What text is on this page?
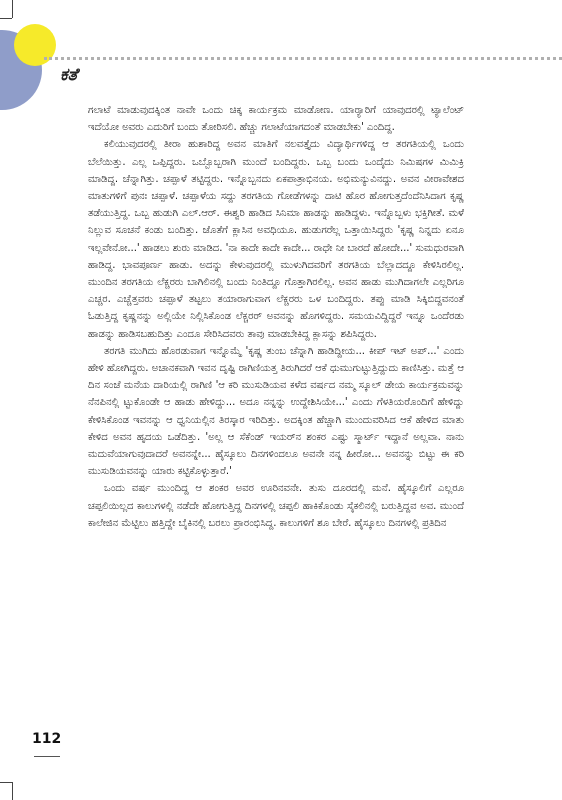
ಕತೆ

ಗಲಾಟೆ ಮಾಡುವುದಕ್ಕಿಂತ ನಾವೇ ಒಂದು ಚಿಕ್ಕ ಕಾರ್ಯಕ್ರಮ ಮಾಡೋಣ. ಯಾರ್‍ಯಾರಿಗೆ ಯಾವುದರಲ್ಲಿ ಟ್ಯಾಲೆಂಟ್ ಇದೆಯೋ ಅವರು ಎದುರಿಗೆ ಬಂದು ತೋರಿಸಲಿ. ಹೆಚ್ಚು ಗಲಾಟೆಯಾಗದಂತೆ ಮಾಡಬೇಕು' ಎಂದಿದ್ದ.

ಕಲಿಯುವುದರಲ್ಲಿ ತೀರಾ ಹುಶಾರಿದ್ದ ಅವನ ಮಾತಿಗೆ ನಲವತ್ತೈದು ವಿದ್ಯಾರ್ಥಿಗಳಿದ್ದ ಆ ತರಗತಿಯಲ್ಲಿ ಒಂದು ಬೆಲೆಯಿತ್ತು. ಎಲ್ಲ ಒಪ್ಪಿದ್ದರು. ಒಬ್ಬೊಬ್ಬರಾಗಿ ಮುಂದೆ ಬಂದಿದ್ದರು. ಒಬ್ಬ ಬಂದು ಒಂದೈದು ನಿಮಿಷಗಳ ಮಿಮಿಕ್ರಿ ಮಾಡಿದ್ದ. ಚೆನ್ನಾಗಿತ್ತು. ಚಪ್ಪಾಳೆ ತಟ್ಟಿದ್ದರು. ಇನ್ನೊಬ್ಬನದು ಏಕಪಾತ್ರಾಭಿನಯ. ಅಭಿಮನ್ಯುವಿನದ್ದು. ಅವನ ವೀರಾವೇಶದ ಮಾತುಗಳಿಗೆ ಪುನಃ ಚಪ್ಪಾಳೆ. ಚಪ್ಪಾಳೆಯ ಸದ್ದು ತರಗತಿಯ ಗೋಡೆಗಳನ್ನು ದಾಟಿ ಹೊರ ಹೋಗುತ್ತದೆಂದೆನಿಸಿದಾಗ ಕೃಷ್ಣ ತಡೆಯುತ್ತಿದ್ದ. ಒಬ್ಬ ಹುಡುಗಿ ಎಲ್.ಆರ್. ಈಶ್ವರಿ ಹಾಡಿದ ಸಿನಿಮಾ ಹಾಡನ್ನು ಹಾಡಿದ್ದಳು. ಇನ್ನೊಬ್ಬಳು ಭಕ್ತಿಗೀತೆ. ಮಳೆ ನಿಲ್ಲುವ ಸೂಚನೆ ಕಂಡು ಬಂದಿತ್ತು. ಜೊತೆಗೆ ಕ್ಲಾಸಿನ ಅವಧಿಯೂ. ಹುಡುಗರೆಲ್ಲ ಒತ್ತಾಯಿಸಿದ್ದರು 'ಕೃಷ್ಣ ನಿನ್ನದು ಏನೂ ಇಲ್ಲವೇನೋ...' ಹಾಡಲು ಶುರು ಮಾಡಿದ. 'ನಾ ಕಾದೇ ಕಾದೇ ಕಾದೇ... ರಾಧೇ ನೀ ಬಾರದೆ ಹೋದೇ...' ಸುಮಧುರವಾಗಿ ಹಾಡಿದ್ದ. ಭಾವಪೂರ್ಣ ಹಾಡು. ಅದನ್ನು ಕೇಳುವುದರಲ್ಲಿ ಮುಳುಗಿದವರಿಗೆ ತರಗತಿಯ ಬೆಲ್ಲಾದದ್ದೂ ಕೇಳಿಸಿರಲಿಲ್ಲ. ಮುಂದಿನ ತರಗತಿಯ ಲೆಕ್ಚರರು ಬಾಗಿಲಿನಲ್ಲಿ ಬಂದು ನಿಂತಿದ್ದೂ ಗೊತ್ತಾಗಿರಲಿಲ್ಲ. ಅವನ ಹಾಡು ಮುಗಿದಾಗಲೇ ಎಲ್ಲರಿಗೂ ಎಚ್ಚರ. ಎಚ್ಚೆತ್ತವರು ಚಪ್ಪಾಳೆ ತಟ್ಟಲು ತಯಾರಾಗುವಾಗ ಲೆಕ್ಚರರು ಒಳ ಬಂದಿದ್ದರು. ತಪ್ಪು ಮಾಡಿ ಸಿಕ್ಕಿಬಿದ್ದವನಂತೆ ಓಡುತ್ತಿದ್ದ ಕೃಷ್ಣನನ್ನು ಅಲ್ಲಿಯೇ ನಿಲ್ಲಿಸಿಕೊಂಡ ಲೆಕ್ಚರರ್ ಅವನನ್ನು ಹೊಗಳಿದ್ದರು. ಸಮಯವಿದ್ದಿದ್ದರೆ ಇನ್ನೂ ಒಂದೆರಡು ಹಾಡನ್ನು ಹಾಡಿಸಬಹುದಿತ್ತು ಎಂದೂ ಸೇರಿಸಿದವರು ತಾವು ಮಾಡಬೇಕಿದ್ದ ಕ್ಲಾಸನ್ನು ಶಪಿಸಿದ್ದರು.

ತರಗತಿ ಮುಗಿದು ಹೊರಡುವಾಗ ಇನ್ನೊಮ್ಮೆ 'ಕೃಷ್ಣ ತುಂಬ ಚೆನ್ನಾಗಿ ಹಾಡಿದ್ದೀಯ... ಕೀಪ್ ಇಟ್ ಅಪ್...' ಎಂದು ಹೇಳಿ ಹೋಗಿದ್ದರು. ಅಚಾನಕವಾಗಿ ಇವನ ದೃಷ್ಟಿ ರಾಗಿಣಿಯತ್ತ ತಿರುಗಿದರೆ ಆಕೆ ಧುಮುಗುಟ್ಟುತ್ತಿದ್ದುದು ಕಾಣಿಸಿತ್ತು. ಮತ್ತೆ ಆ ದಿನ ಸಂಜೆ ಮನೆಯ ದಾರಿಯಲ್ಲಿ ರಾಗಿಣಿ 'ಆ ಕರಿ ಮುಸುಡಿಯವ ಕಳೆದ ವರ್ಷದ ನಮ್ಮ ಸ್ಕೂಲ್ ಡೇಯ ಕಾರ್ಯಕ್ರಮವನ್ನು ನೆನಪಿನಲ್ಲಿ ಟ್ಟುಕೊಂಡೇ ಆ ಹಾಡು ಹೇಳಿದ್ದು... ಅದೂ ನನ್ನನ್ನು ಉದ್ದೇಶಿಸಿಯೇ...' ಎಂದು ಗೆಳತಿಯರೊಂದಿಗೆ ಹೇಳಿದ್ದು ಕೇಳಿಸಿಕೊಂಡ ಇವನನ್ನು ಆ ಧ್ವನಿಯಲ್ಲಿನ ತಿರಸ್ಕಾರ ಇರಿದಿತ್ತು. ಅದಕ್ಕಿಂತ ಹೆಚ್ಚಾಗಿ ಮುಂದುವರಿಸಿದ ಆಕೆ ಹೇಳಿದ ಮಾತು ಕೇಳಿದ ಅವನ ಹೃದಯ ಒಡೆದಿತ್ತು. 'ಅಲ್ಲ ಆ ಸೆಕೆಂಡ್ ಇಯರ್‌ನ ಶಂಕರ ಎಷ್ಟು ಸ್ಮಾರ್ಟ್ ಇದ್ದಾನೆ ಅಲ್ಲವಾ. ನಾನು ಮದುವೆಯಾಗುವುದಾದರೆ ಅವನನ್ನೇ... ಹೈಸ್ಕೂಲು ದಿನಗಳಿಂದಲೂ ಅವನೇ ನನ್ನ ಹೀರೋ... ಅವನನ್ನು ಬಿಟ್ಟು ಈ ಕರಿ ಮುಸುಡಿಯವನನ್ನು ಯಾರು ಕಟ್ಟಿಕೊಳ್ಳುತ್ತಾರೆ.'

ಒಂದು ವರ್ಷ ಮುಂದಿದ್ದ ಆ ಶಂಕರ ಅವರ ಊರಿನವನೇ. ತುಸು ದೂರದಲ್ಲಿ ಮನೆ. ಹೈಸ್ಕೂಲಿಗೆ ಎಲ್ಲರೂ ಚಪ್ಪಲಿಯಿಲ್ಲದ ಕಾಲುಗಳಲ್ಲಿ ನಡೆದೇ ಹೋಗುತ್ತಿದ್ದ ದಿನಗಳಲ್ಲಿ ಚಪ್ಪಲಿ ಹಾಕಿಕೊಂಡು ಸೈಕಲಿನಲ್ಲಿ ಬರುತ್ತಿದ್ದವ ಅವ. ಮುಂದೆ ಕಾಲೇಜಿನ ಮೆಟ್ಟಿಲು ಹತ್ತಿದ್ದೇ ಬೈಕಿನಲ್ಲಿ ಬರಲು ಪ್ರಾರಂಭಿಸಿದ್ದ. ಕಾಲುಗಳಿಗೆ ಶೂ ಬೇರೆ. ಹೈಸ್ಕೂಲು ದಿನಗಳಲ್ಲಿ ಪ್ರತಿದಿನ

112
